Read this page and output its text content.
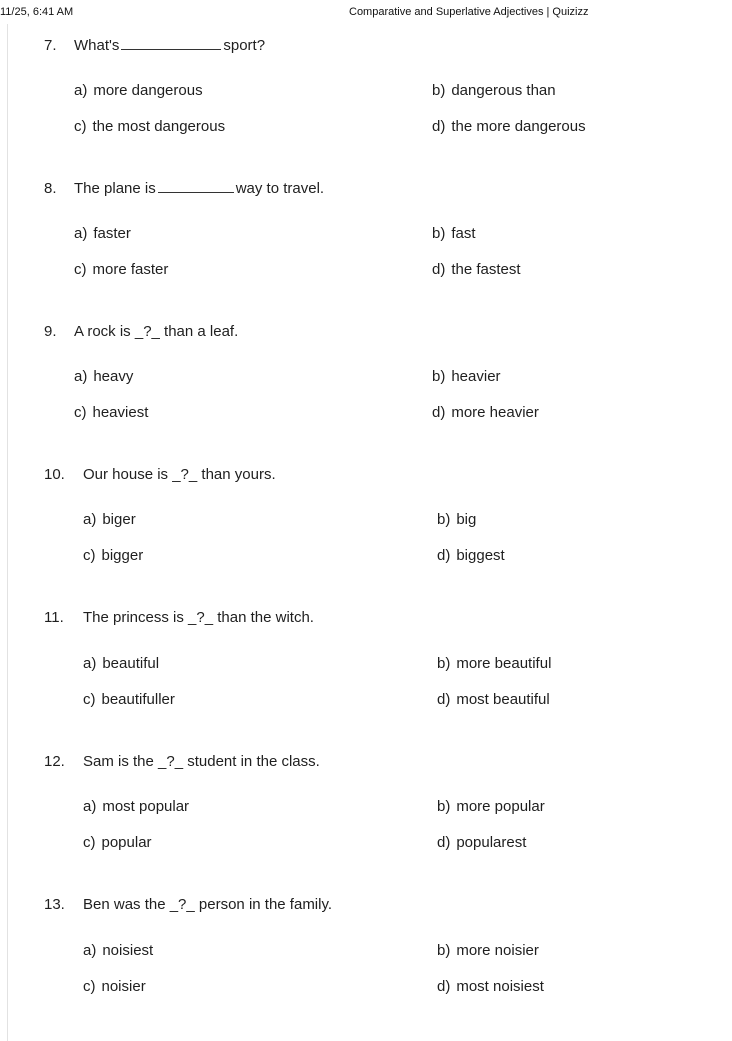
11/25, 6:41 AM	Comparative and Superlative Adjectives | Quizizz
7. What's	sport?
a) more dangerous	b) dangerous than
c) the most dangerous	d) the more dangerous
8. The plane is	way to travel.
a) faster	b) fast
c) more faster	d) the fastest
9. A rock is _?_ than a leaf.
a) heavy	b) heavier
c) heaviest	d) more heavier
10. Our house is _?_ than yours.
a) biger	b) big
c) bigger	d) biggest
11. The princess is _?_ than the witch.
a) beautiful	b) more beautiful
c) beautifuller	d) most beautiful
12. Sam is the _?_ student in the class.
a) most popular	b) more popular
c) popular	d) popularest
13. Ben was the _?_ person in the family.
a) noisiest	b) more noisier
c) noisier	d) most noisiest
